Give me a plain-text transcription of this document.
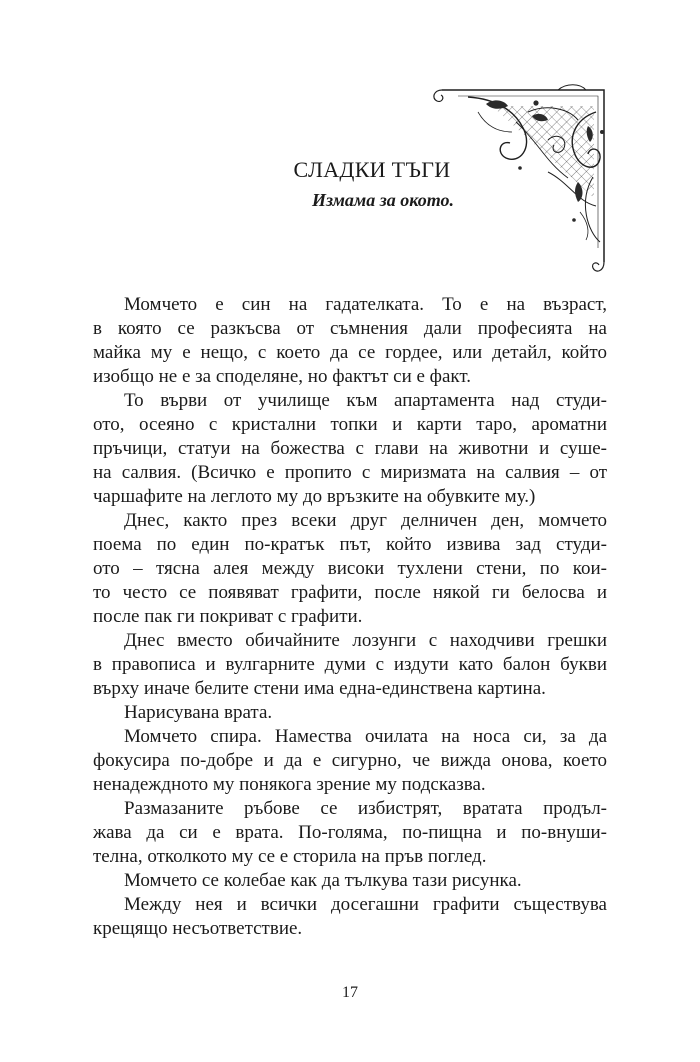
СЛАДКИ ТЪГИ
Измама за окото.
Момчето е син на гадателката. То е на възраст,
в която се разкъсва от съмнения дали професията на
майка му е нещо, с което да се гордее, или детайл, който
изобщо не е за споделяне, но фактът си е факт.
То върви от училище към апартамента над студи-
ото, осеяно с кристални топки и карти таро, ароматни
пръчици, статуи на божества с глави на животни и суше-
на салвия. (Всичко е пропито с миризмата на салвия – от
чаршафите на леглото му до връзките на обувките му.)
Днес, както през всеки друг делничен ден, момчето
поема по един по-кратък път, който извива зад студи-
ото – тясна алея между високи тухлени стени, по кои-
то често се появяват графити, после някой ги белосва и
после пак ги покриват с графити.
Днес вместо обичайните лозунги с находчиви грешки
в правописа и вулгарните думи с издути като балон букви
върху иначе белите стени има една-единствена картина.
Нарисувана врата.
Момчето спира. Намества очилата на носа си, за да
фокусира по-добре и да е сигурно, че вижда онова, което
ненадеждното му понякога зрение му подсказва.
Размазаните ръбове се избистрят, вратата продъл-
жава да си е врата. По-голяма, по-пищна и по-внуши-
телна, отколкото му се е сторила на пръв поглед.
Момчето се колебае как да тълкува тази рисунка.
Между нея и всички досегашни графити съществува
крещящо несъответствие.
17
